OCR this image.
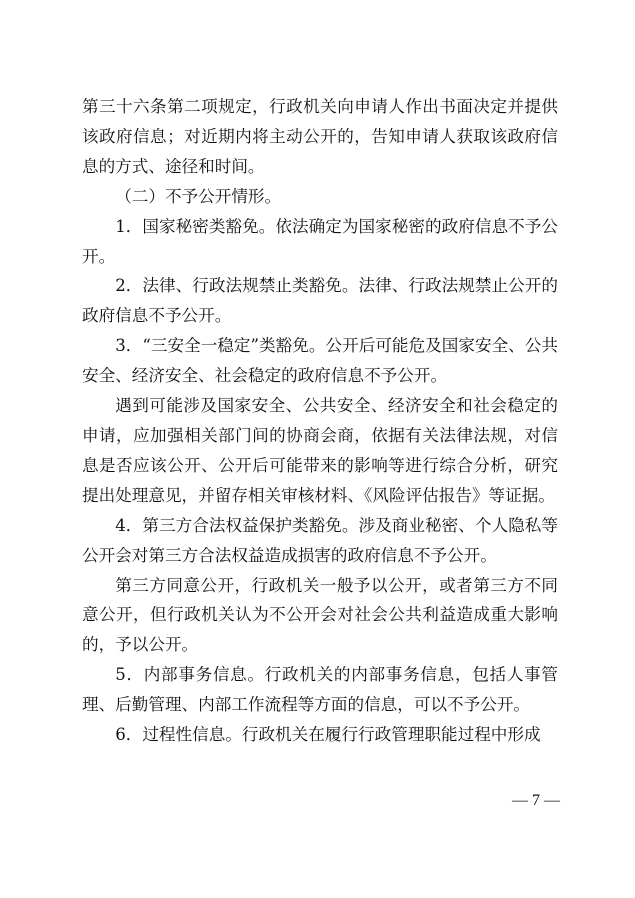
第三十六条第二项规定，行政机关向申请人作出书面决定并提供该政府信息；对近期内将主动公开的，告知申请人获取该政府信息的方式、途径和时间。

（二）不予公开情形。

1．国家秘密类豁免。依法确定为国家秘密的政府信息不予公开。

2．法律、行政法规禁止类豁免。法律、行政法规禁止公开的政府信息不予公开。

3．“三安全一稳定”类豁免。公开后可能危及国家安全、公共安全、经济安全、社会稳定的政府信息不予公开。

遇到可能涉及国家安全、公共安全、经济安全和社会稳定的申请，应加强相关部门间的协商会商，依据有关法律法规，对信息是否应该公开、公开后可能带来的影响等进行综合分析，研究提出处理意见，并留存相关审核材料、《风险评估报告》等证据。

4．第三方合法权益保护类豁免。涉及商业秘密、个人隐私等公开会对第三方合法权益造成损害的政府信息不予公开。

第三方同意公开，行政机关一般予以公开，或者第三方不同意公开，但行政机关认为不公开会对社会公共利益造成重大影响的，予以公开。

5．内部事务信息。行政机关的内部事务信息，包括人事管理、后勤管理、内部工作流程等方面的信息，可以不予公开。

6．过程性信息。行政机关在履行行政管理职能过程中形成

— 7 —
